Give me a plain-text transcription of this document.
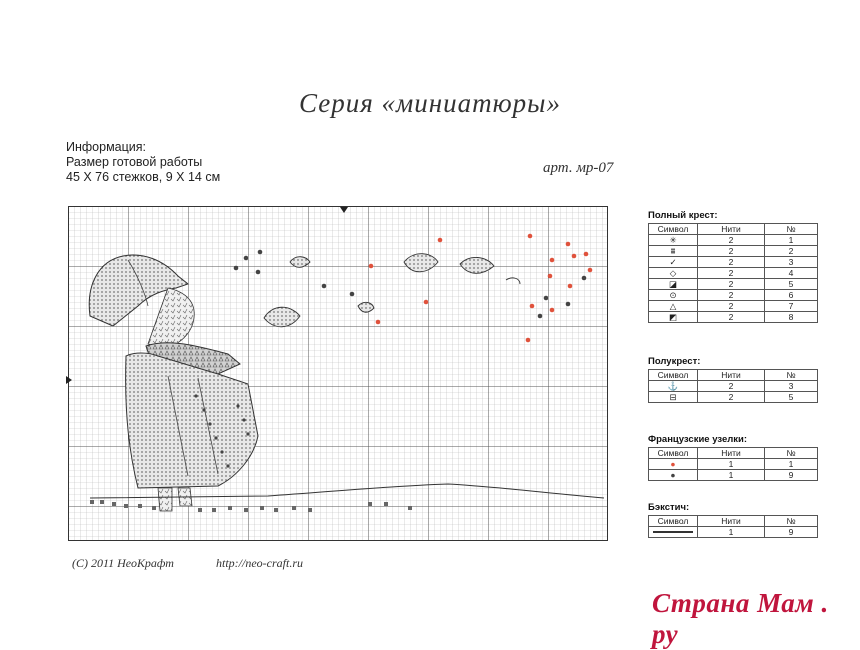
Серия «миниатюры»
Информация:
Размер готовой работы
45 X 76 стежков, 9 X 14 см
арт. мр-07
Полный крест:
Символ	Нити	№
✳	2	1
⩩	2	2
✓	2	3
◇	2	4
◪	2	5
⊙	2	6
△	2	7
◩	2	8
Полукрест:
Символ	Нити	№
⚓	2	3
⊟	2	5
Французские узелки:
Символ	Нити	№
●	1	1
●	1	9
Бэкстич:
Символ	Нити	№

	1	9
(C) 2011 НеоКрафт	http://neo-craft.ru
Страна Мам . ру
